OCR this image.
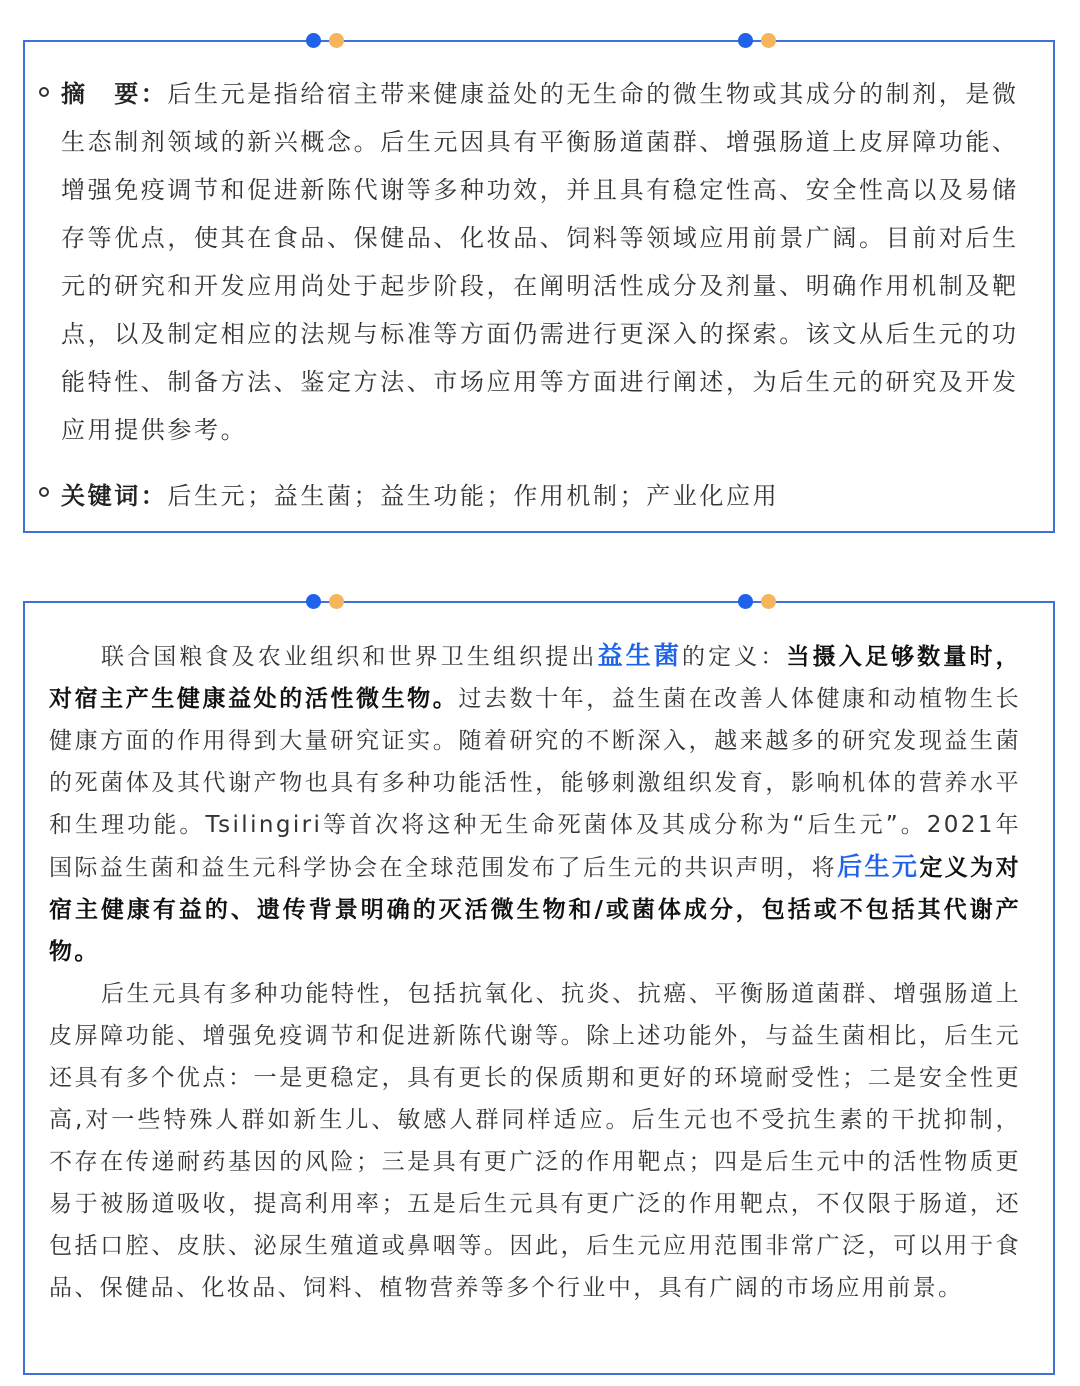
摘　要：后生元是指给宿主带来健康益处的无生命的微生物或其成分的制剂，是微生态制剂领域的新兴概念。后生元因具有平衡肠道菌群、增强肠道上皮屏障功能、增强免疫调节和促进新陈代谢等多种功效，并且具有稳定性高、安全性高以及易储存等优点，使其在食品、保健品、化妆品、饲料等领域应用前景广阔。目前对后生元的研究和开发应用尚处于起步阶段，在阐明活性成分及剂量、明确作用机制及靶点，以及制定相应的法规与标准等方面仍需进行更深入的探索。该文从后生元的功能特性、制备方法、鉴定方法、市场应用等方面进行阐述，为后生元的研究及开发应用提供参考。
关键词：后生元；益生菌；益生功能；作用机制；产业化应用

联合国粮食及农业组织和世界卫生组织提出益生菌的定义：当摄入足够数量时，对宿主产生健康益处的活性微生物。过去数十年，益生菌在改善人体健康和动植物生长健康方面的作用得到大量研究证实。随着研究的不断深入，越来越多的研究发现益生菌的死菌体及其代谢产物也具有多种功能活性，能够刺激组织发育，影响机体的营养水平和生理功能。Tsilingiri等首次将这种无生命死菌体及其成分称为“后生元”。2021年国际益生菌和益生元科学协会在全球范围发布了后生元的共识声明，将后生元定义为对宿主健康有益的、遗传背景明确的灭活微生物和/或菌体成分，包括或不包括其代谢产物。

后生元具有多种功能特性，包括抗氧化、抗炎、抗癌、平衡肠道菌群、增强肠道上皮屏障功能、增强免疫调节和促进新陈代谢等。除上述功能外，与益生菌相比，后生元还具有多个优点：一是更稳定，具有更长的保质期和更好的环境耐受性；二是安全性更高,对一些特殊人群如新生儿、敏感人群同样适应。后生元也不受抗生素的干扰抑制，不存在传递耐药基因的风险；三是具有更广泛的作用靶点；四是后生元中的活性物质更易于被肠道吸收，提高利用率；五是后生元具有更广泛的作用靶点，不仅限于肠道，还包括口腔、皮肤、泌尿生殖道或鼻咽等。因此，后生元应用范围非常广泛，可以用于食品、保健品、化妆品、饲料、植物营养等多个行业中，具有广阔的市场应用前景。
